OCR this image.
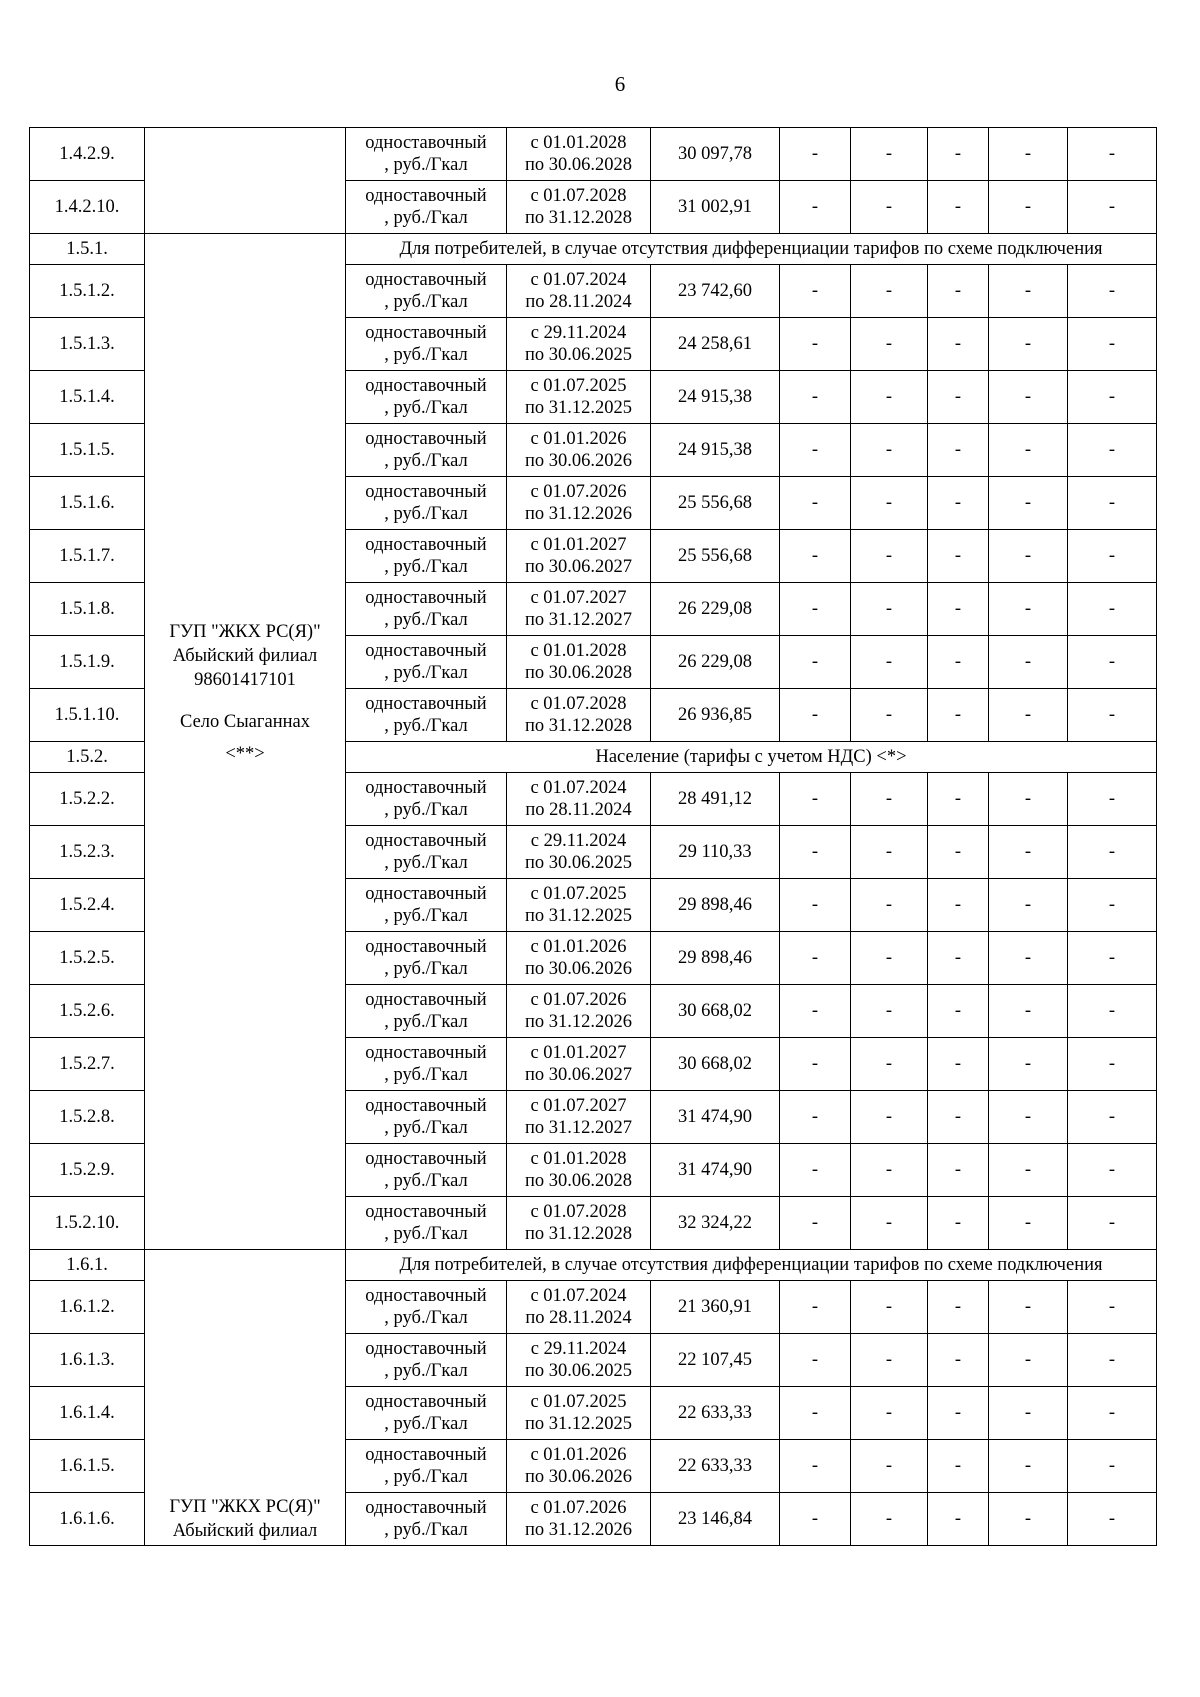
6
1.4.2.9.		одноставочный
, руб./Гкал	с 01.01.2028
по 30.06.2028	30 097,78	-	-	-	-	-
1.4.2.10.		одноставочный
, руб./Гкал	с 01.07.2028
по 31.12.2028	31 002,91	-	-	-	-	-
1.5.1.	ГУП "ЖКХ РС(Я)"
Абыйский филиал
98601417101
Село Сыаганнах
<**>	Для потребителей, в случае отсутствия дифференциации тарифов по схеме подключения							
1.5.1.2.		одноставочный
, руб./Гкал	с 01.07.2024
по 28.11.2024	23 742,60	-	-	-	-	-
1.5.1.3.		одноставочный
, руб./Гкал	с 29.11.2024
по 30.06.2025	24 258,61	-	-	-	-	-
1.5.1.4.		одноставочный
, руб./Гкал	с 01.07.2025
по 31.12.2025	24 915,38	-	-	-	-	-
1.5.1.5.		одноставочный
, руб./Гкал	с 01.01.2026
по 30.06.2026	24 915,38	-	-	-	-	-
1.5.1.6.		одноставочный
, руб./Гкал	с 01.07.2026
по 31.12.2026	25 556,68	-	-	-	-	-
1.5.1.7.		одноставочный
, руб./Гкал	с 01.01.2027
по 30.06.2027	25 556,68	-	-	-	-	-
1.5.1.8.		одноставочный
, руб./Гкал	с 01.07.2027
по 31.12.2027	26 229,08	-	-	-	-	-
1.5.1.9.		одноставочный
, руб./Гкал	с 01.01.2028
по 30.06.2028	26 229,08	-	-	-	-	-
1.5.1.10.		одноставочный
, руб./Гкал	с 01.07.2028
по 31.12.2028	26 936,85	-	-	-	-	-
1.5.2.		Население (тарифы с учетом НДС) <*>							
1.5.2.2.		одноставочный
, руб./Гкал	с 01.07.2024
по 28.11.2024	28 491,12	-	-	-	-	-
1.5.2.3.		одноставочный
, руб./Гкал	с 29.11.2024
по 30.06.2025	29 110,33	-	-	-	-	-
1.5.2.4.		одноставочный
, руб./Гкал	с 01.07.2025
по 31.12.2025	29 898,46	-	-	-	-	-
1.5.2.5.		одноставочный
, руб./Гкал	с 01.01.2026
по 30.06.2026	29 898,46	-	-	-	-	-
1.5.2.6.		одноставочный
, руб./Гкал	с 01.07.2026
по 31.12.2026	30 668,02	-	-	-	-	-
1.5.2.7.		одноставочный
, руб./Гкал	с 01.01.2027
по 30.06.2027	30 668,02	-	-	-	-	-
1.5.2.8.		одноставочный
, руб./Гкал	с 01.07.2027
по 31.12.2027	31 474,90	-	-	-	-	-
1.5.2.9.		одноставочный
, руб./Гкал	с 01.01.2028
по 30.06.2028	31 474,90	-	-	-	-	-
1.5.2.10.		одноставочный
, руб./Гкал	с 01.07.2028
по 31.12.2028	32 324,22	-	-	-	-	-
1.6.1.	ГУП "ЖКХ РС(Я)"
Абыйский филиал	Для потребителей, в случае отсутствия дифференциации тарифов по схеме подключения							
1.6.1.2.		одноставочный
, руб./Гкал	с 01.07.2024
по 28.11.2024	21 360,91	-	-	-	-	-
1.6.1.3.		одноставочный
, руб./Гкал	с 29.11.2024
по 30.06.2025	22 107,45	-	-	-	-	-
1.6.1.4.		одноставочный
, руб./Гкал	с 01.07.2025
по 31.12.2025	22 633,33	-	-	-	-	-
1.6.1.5.		одноставочный
, руб./Гкал	с 01.01.2026
по 30.06.2026	22 633,33	-	-	-	-	-
1.6.1.6.		одноставочный
, руб./Гкал	с 01.07.2026
по 31.12.2026	23 146,84	-	-	-	-	-
